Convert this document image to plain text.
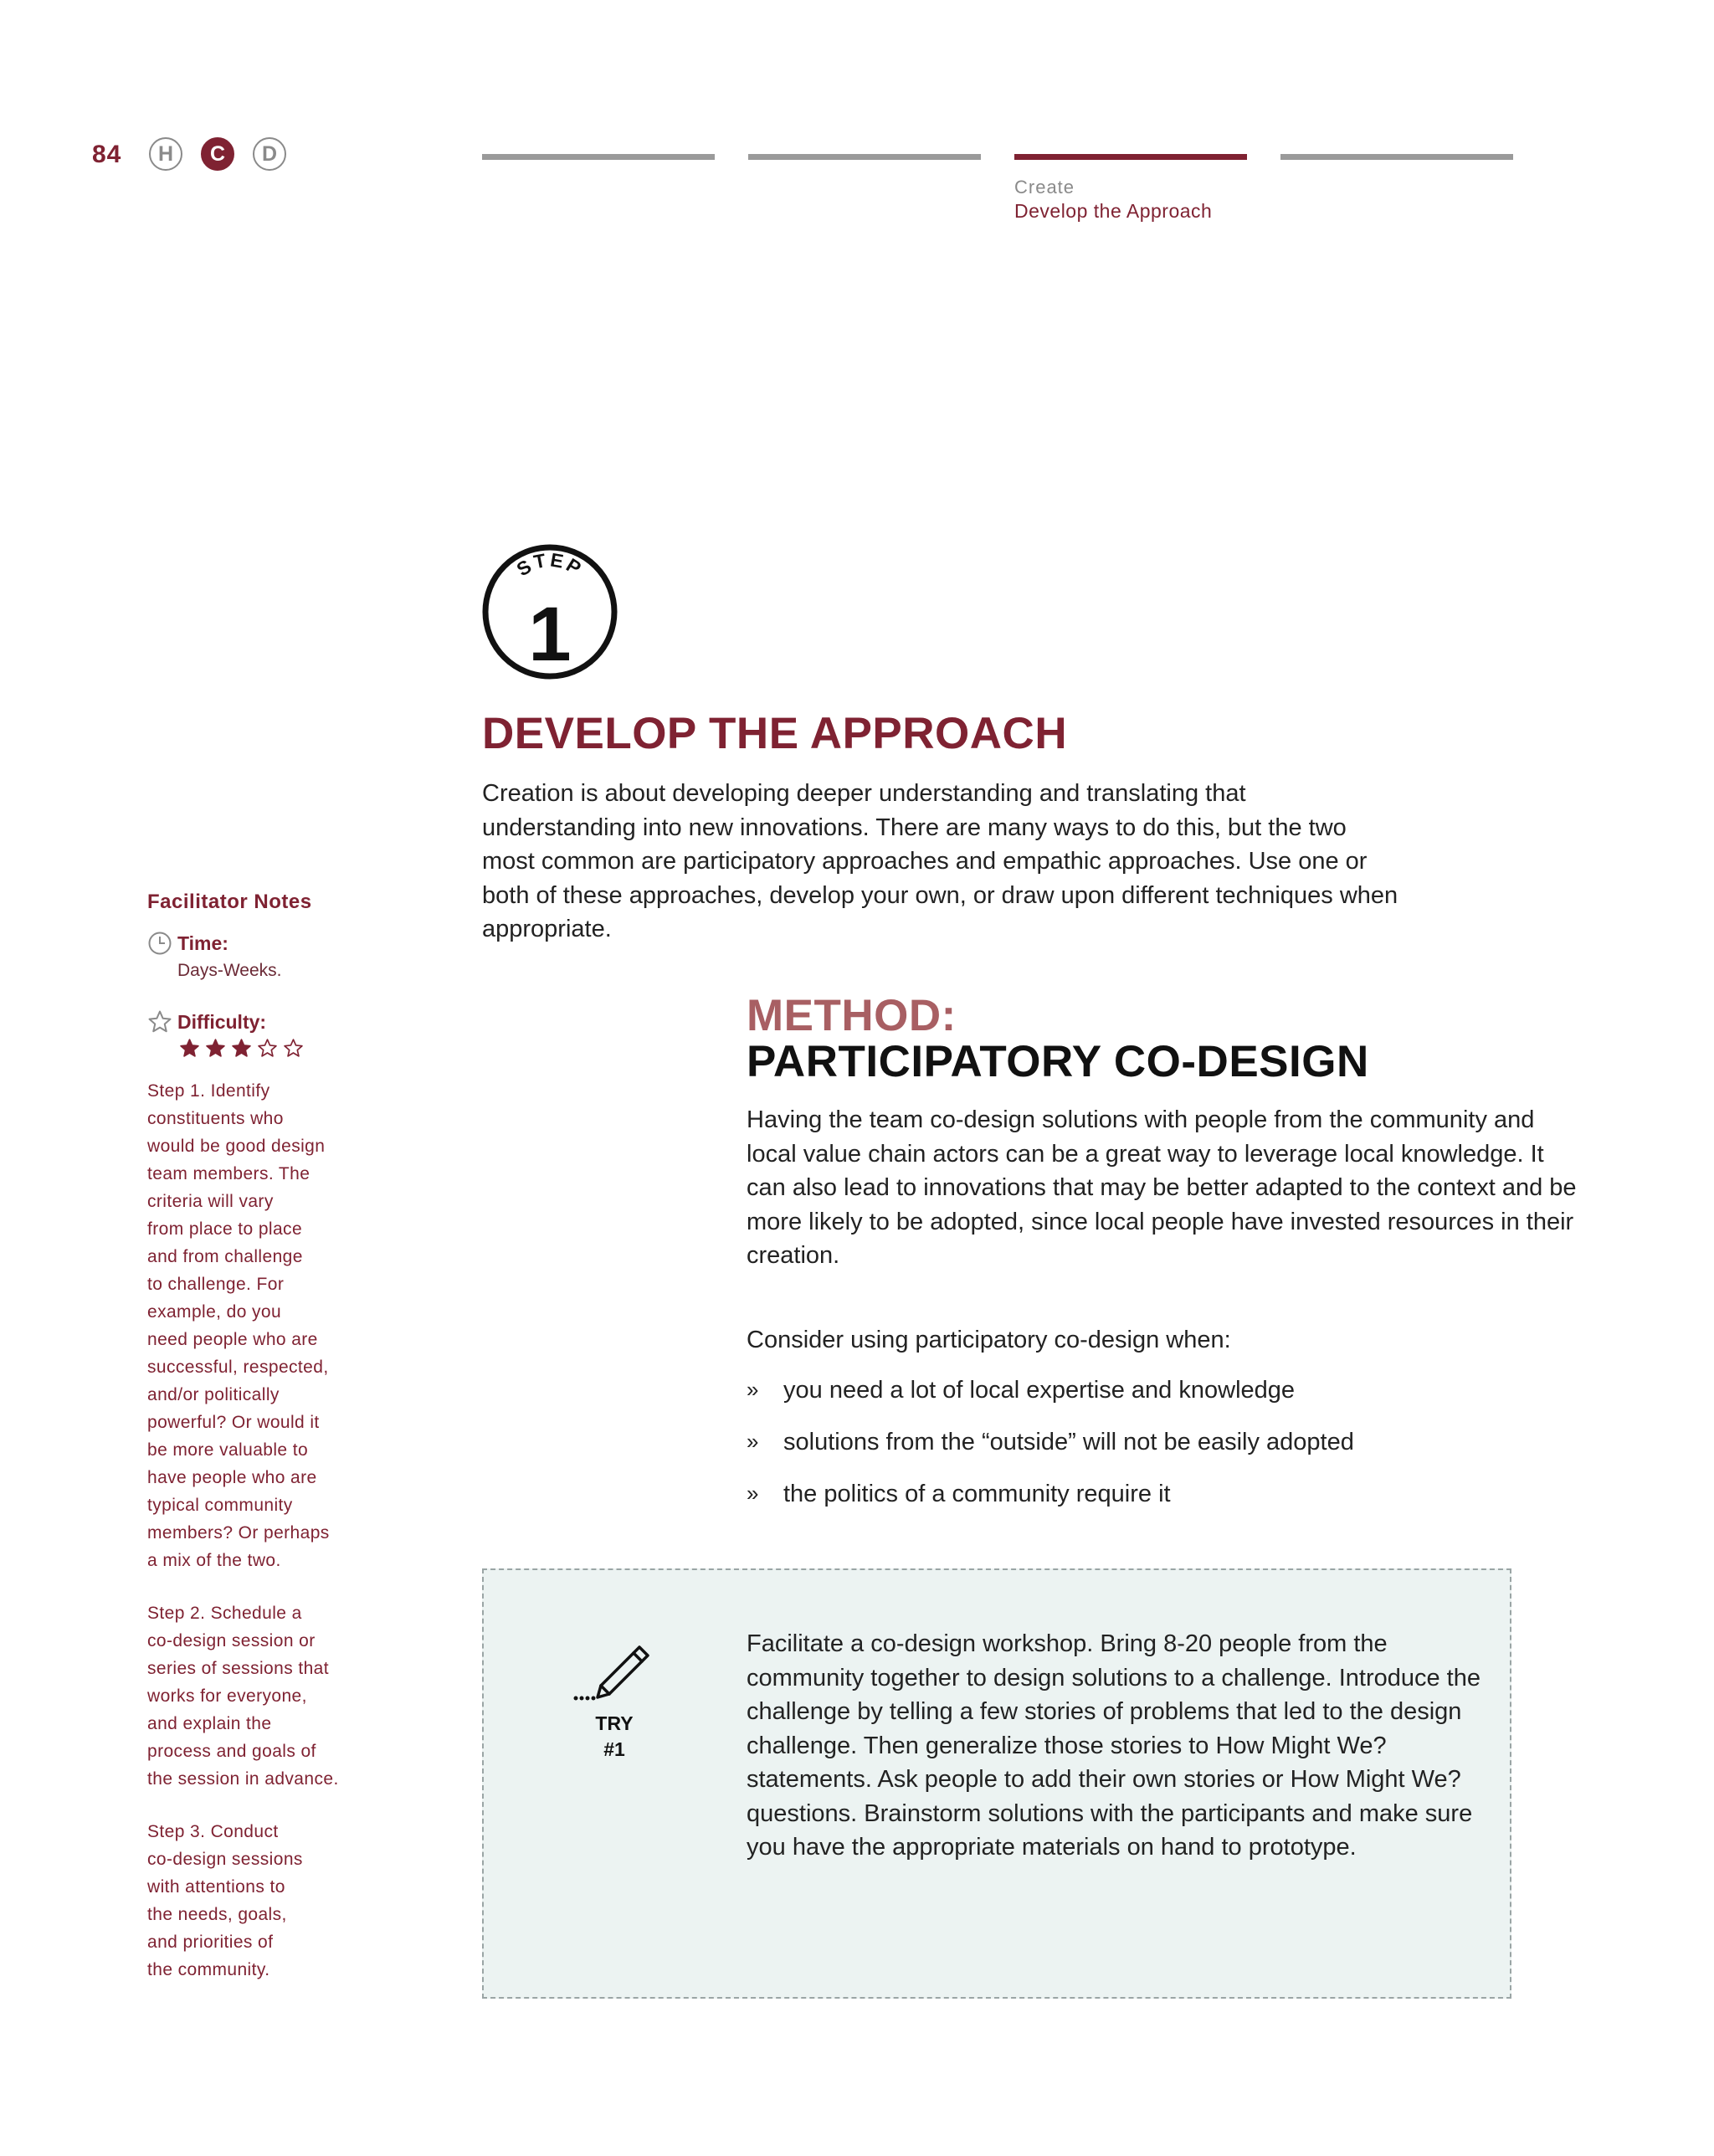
84	H	C	D
Create
Develop the Approach
STEP
1
DEVELOP THE APPROACH
Creation is about developing deeper understanding and translating that understanding into new innovations. There are many ways to do this, but the two most common are participatory approaches and empathic approaches. Use one or both of these approaches, develop your own, or draw upon different techniques when appropriate.
Facilitator Notes
Time:
Days-Weeks.
Difficulty:
Step 1. Identify
constituents who
would be good design
team members. The
criteria will vary
from place to place
and from challenge
to challenge. For
example, do you
need people who are
successful, respected,
and/or politically
powerful? Or would it
be more valuable to
have people who are
typical community
members? Or perhaps
a mix of the two.
Step 2. Schedule a
co-design session or
series of sessions that
works for everyone,
and explain the
process and goals of
the session in advance.
Step 3. Conduct
co-design sessions
with attentions to
the needs, goals,
and priorities of
the community.
METHOD:
PARTICIPATORY CO-DESIGN
Having the team co-design solutions with people from the community and local value chain actors can be a great way to leverage local knowledge. It can also lead to innovations that may be better adapted to the context and be more likely to be adopted, since local people have invested resources in their creation.
Consider using participatory co-design when:
»	you need a lot of local expertise and knowledge
»	solutions from the “outside” will not be easily adopted
»	the politics of a community require it
TRY
#1
Facilitate a co-design workshop. Bring 8-20 people from the community together to design solutions to a challenge. Introduce the challenge by telling a few stories of problems that led to the design challenge. Then generalize those stories to How Might We? statements. Ask people to add their own stories or How Might We? questions. Brainstorm solutions with the participants and make sure you have the appropriate materials on hand to prototype.
